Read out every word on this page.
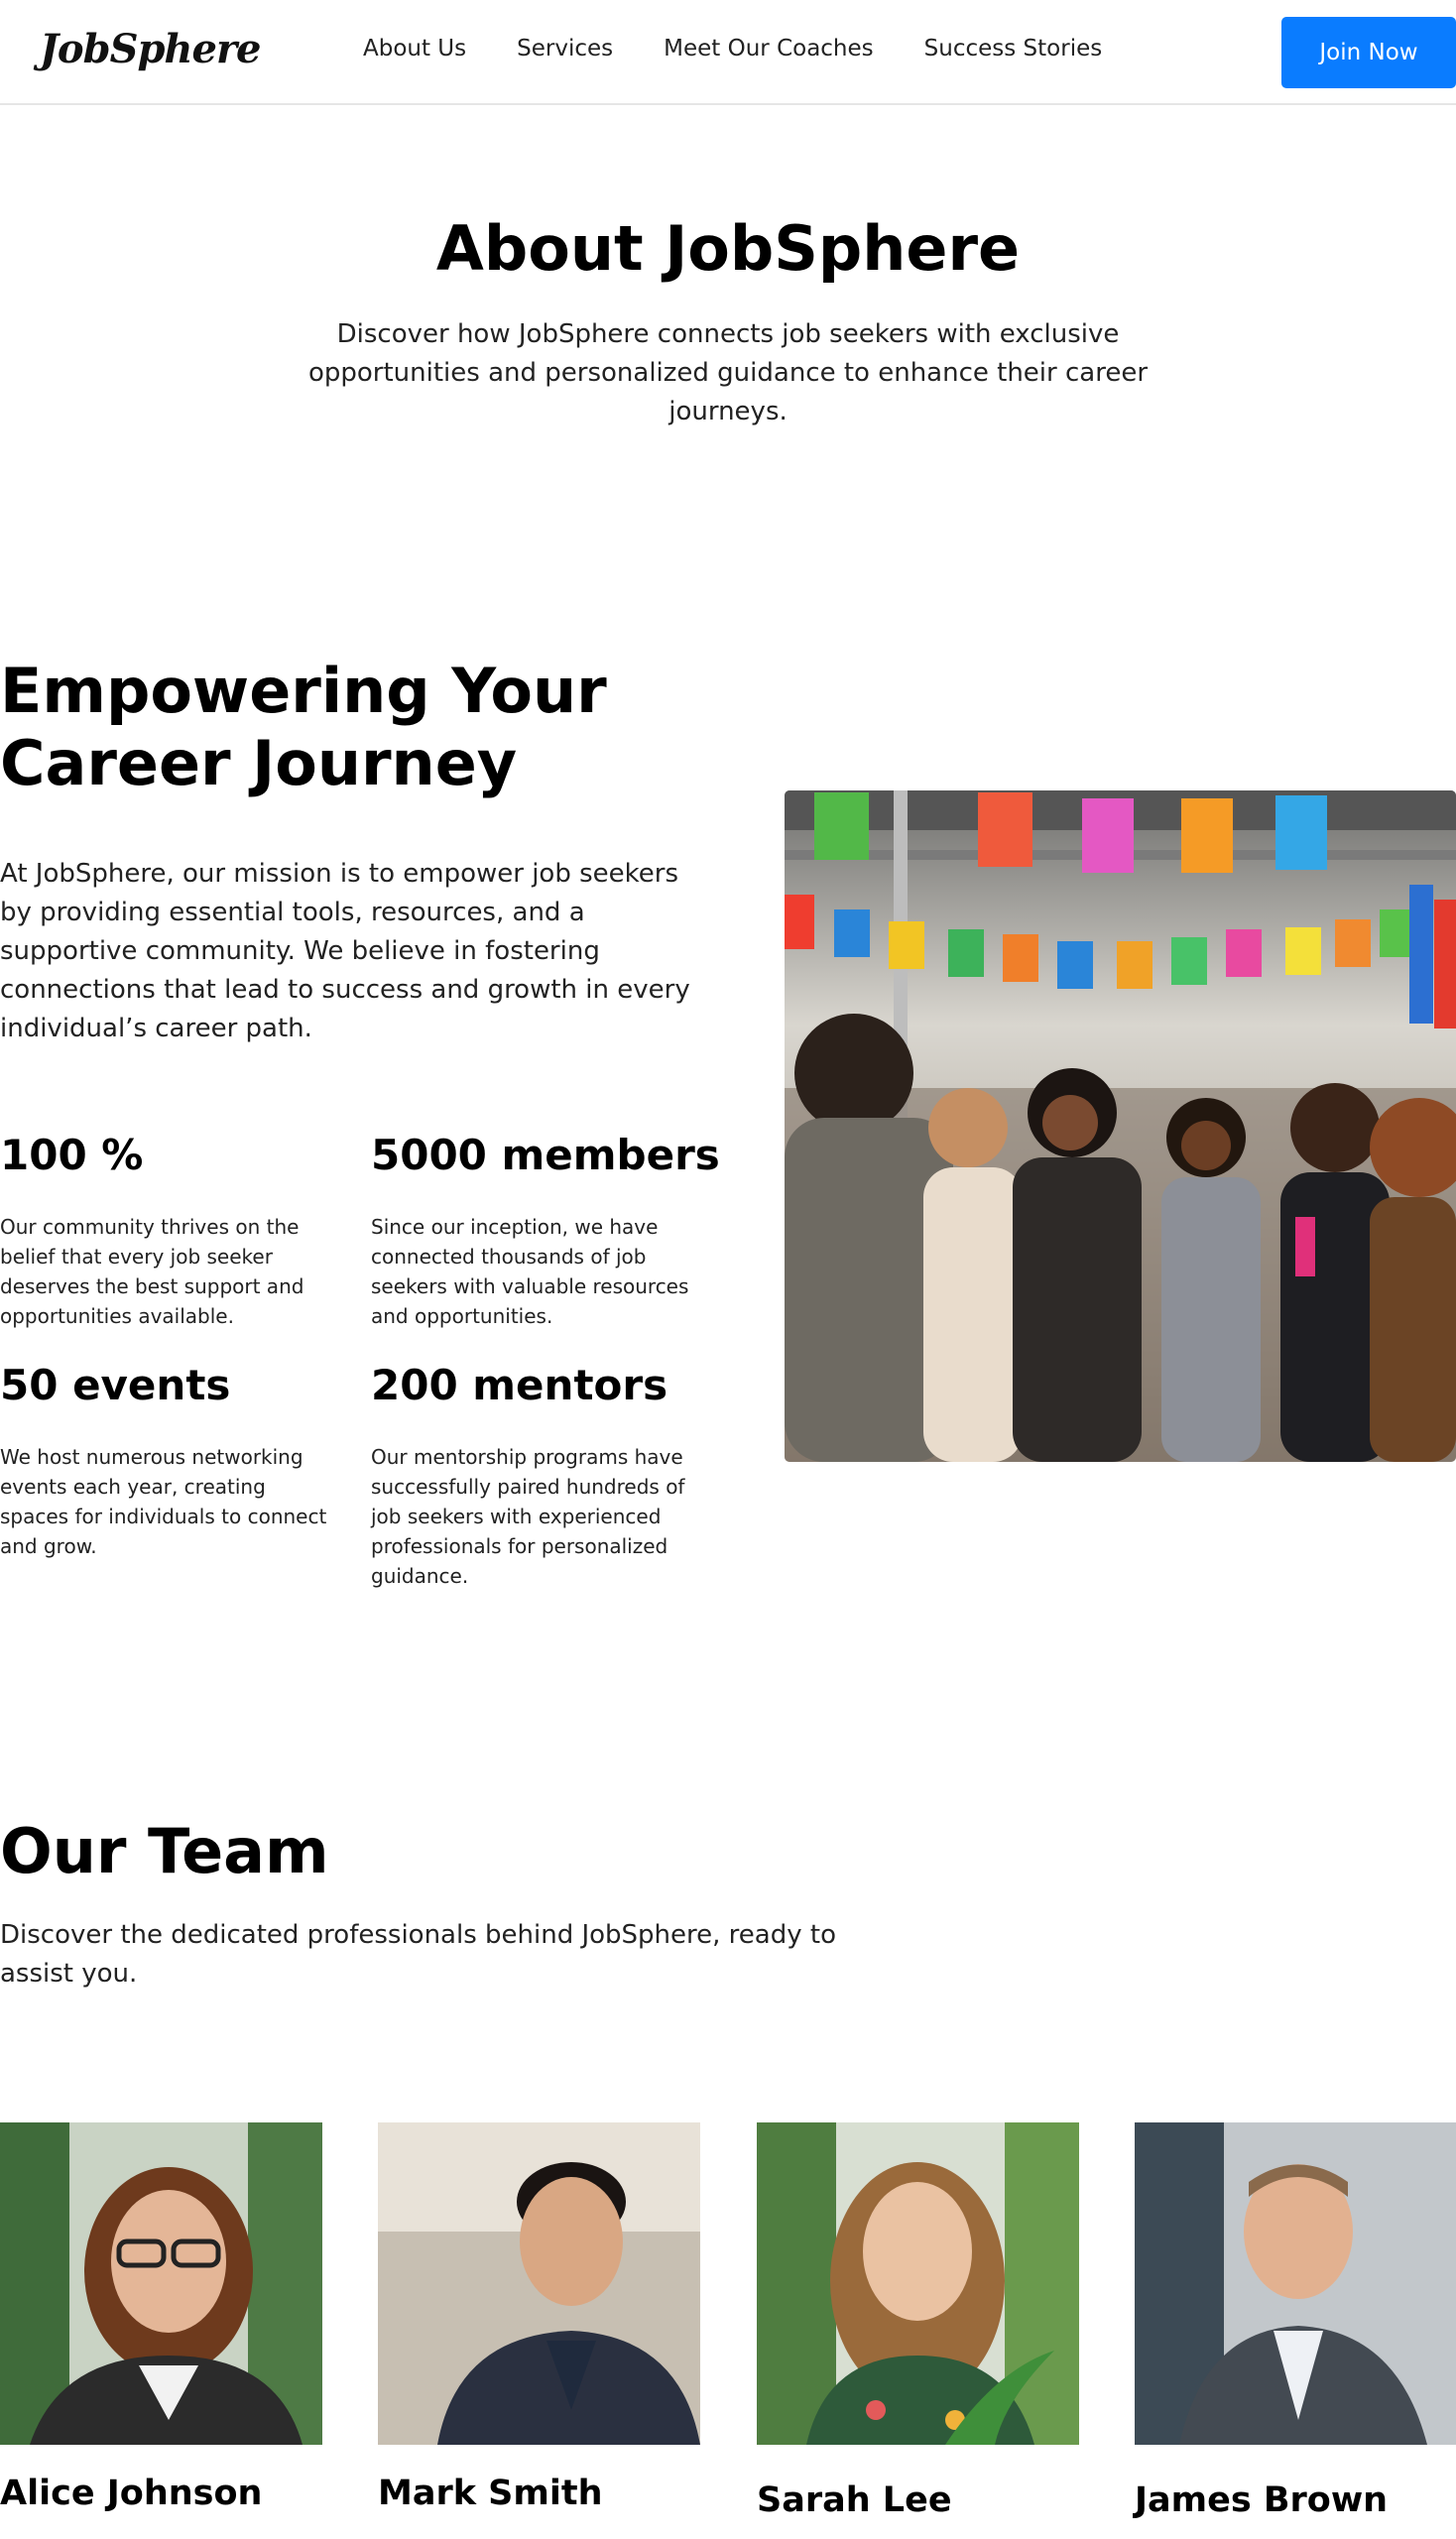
JobSphere	About Us Services Meet Our Coaches Success Stories	Join Now
About JobSphere

Discover how JobSphere connects job seekers with exclusive opportunities and personalized guidance to enhance their career journeys.

Empowering Your Career Journey

At JobSphere, our mission is to empower job seekers by providing essential tools, resources, and a supportive community. We believe in fostering connections that lead to success and growth in every individual’s career path.

100 %

Our community thrives on the belief that every job seeker deserves the best support and opportunities available.

5000 members

Since our inception, we have connected thousands of job seekers with valuable resources and opportunities.

50 events

We host numerous networking events each year, creating spaces for individuals to connect and grow.

200 mentors

Our mentorship programs have successfully paired hundreds of job seekers with experienced professionals for personalized guidance.

Our Team

Discover the dedicated professionals behind JobSphere, ready to assist you.

Alice Johnson	Mark Smith	Sarah Lee	James Brown
